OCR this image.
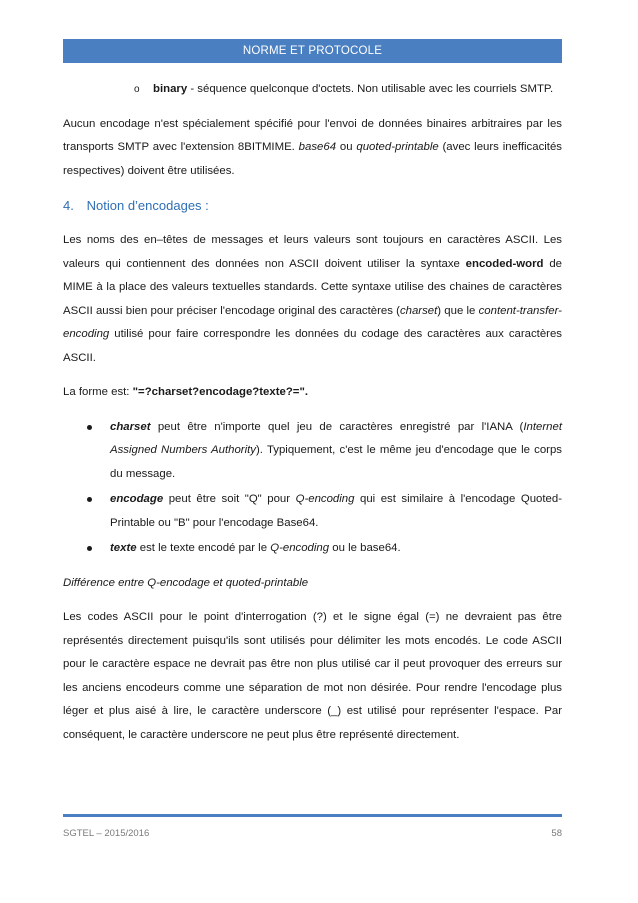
NORME ET PROTOCOLE

o binary - séquence quelconque d'octets. Non utilisable avec les courriels SMTP.

Aucun encodage n'est spécialement spécifié pour l'envoi de données binaires arbitraires par les transports SMTP avec l'extension 8BITMIME. base64 ou quoted-printable (avec leurs inefficacités respectives) doivent être utilisées.

4. Notion d’encodages :

Les noms des en–têtes de messages et leurs valeurs sont toujours en caractères ASCII. Les valeurs qui contiennent des données non ASCII doivent utiliser la syntaxe encoded-word de MIME à la place des valeurs textuelles standards. Cette syntaxe utilise des chaines de caractères ASCII aussi bien pour préciser l'encodage original des caractères (charset) que le content-transfer-encoding utilisé pour faire correspondre les données du codage des caractères aux caractères ASCII.

La forme est: "=?charset?encodage?texte?=".

charset peut être n'importe quel jeu de caractères enregistré par l'IANA (Internet Assigned Numbers Authority). Typiquement, c'est le même jeu d'encodage que le corps du message.
encodage peut être soit "Q" pour Q-encoding qui est similaire à l'encodage Quoted-Printable ou "B" pour l'encodage Base64.
texte est le texte encodé par le Q-encoding ou le base64.

Différence entre Q-encodage et quoted-printable

Les codes ASCII pour le point d'interrogation (?) et le signe égal (=) ne devraient pas être représentés directement puisqu'ils sont utilisés pour délimiter les mots encodés. Le code ASCII pour le caractère espace ne devrait pas être non plus utilisé car il peut provoquer des erreurs sur les anciens encodeurs comme une séparation de mot non désirée. Pour rendre l'encodage plus léger et plus aisé à lire, le caractère underscore (_) est utilisé pour représenter l'espace. Par conséquent, le caractère underscore ne peut plus être représenté directement.

SGTEL – 2015/2016	58
